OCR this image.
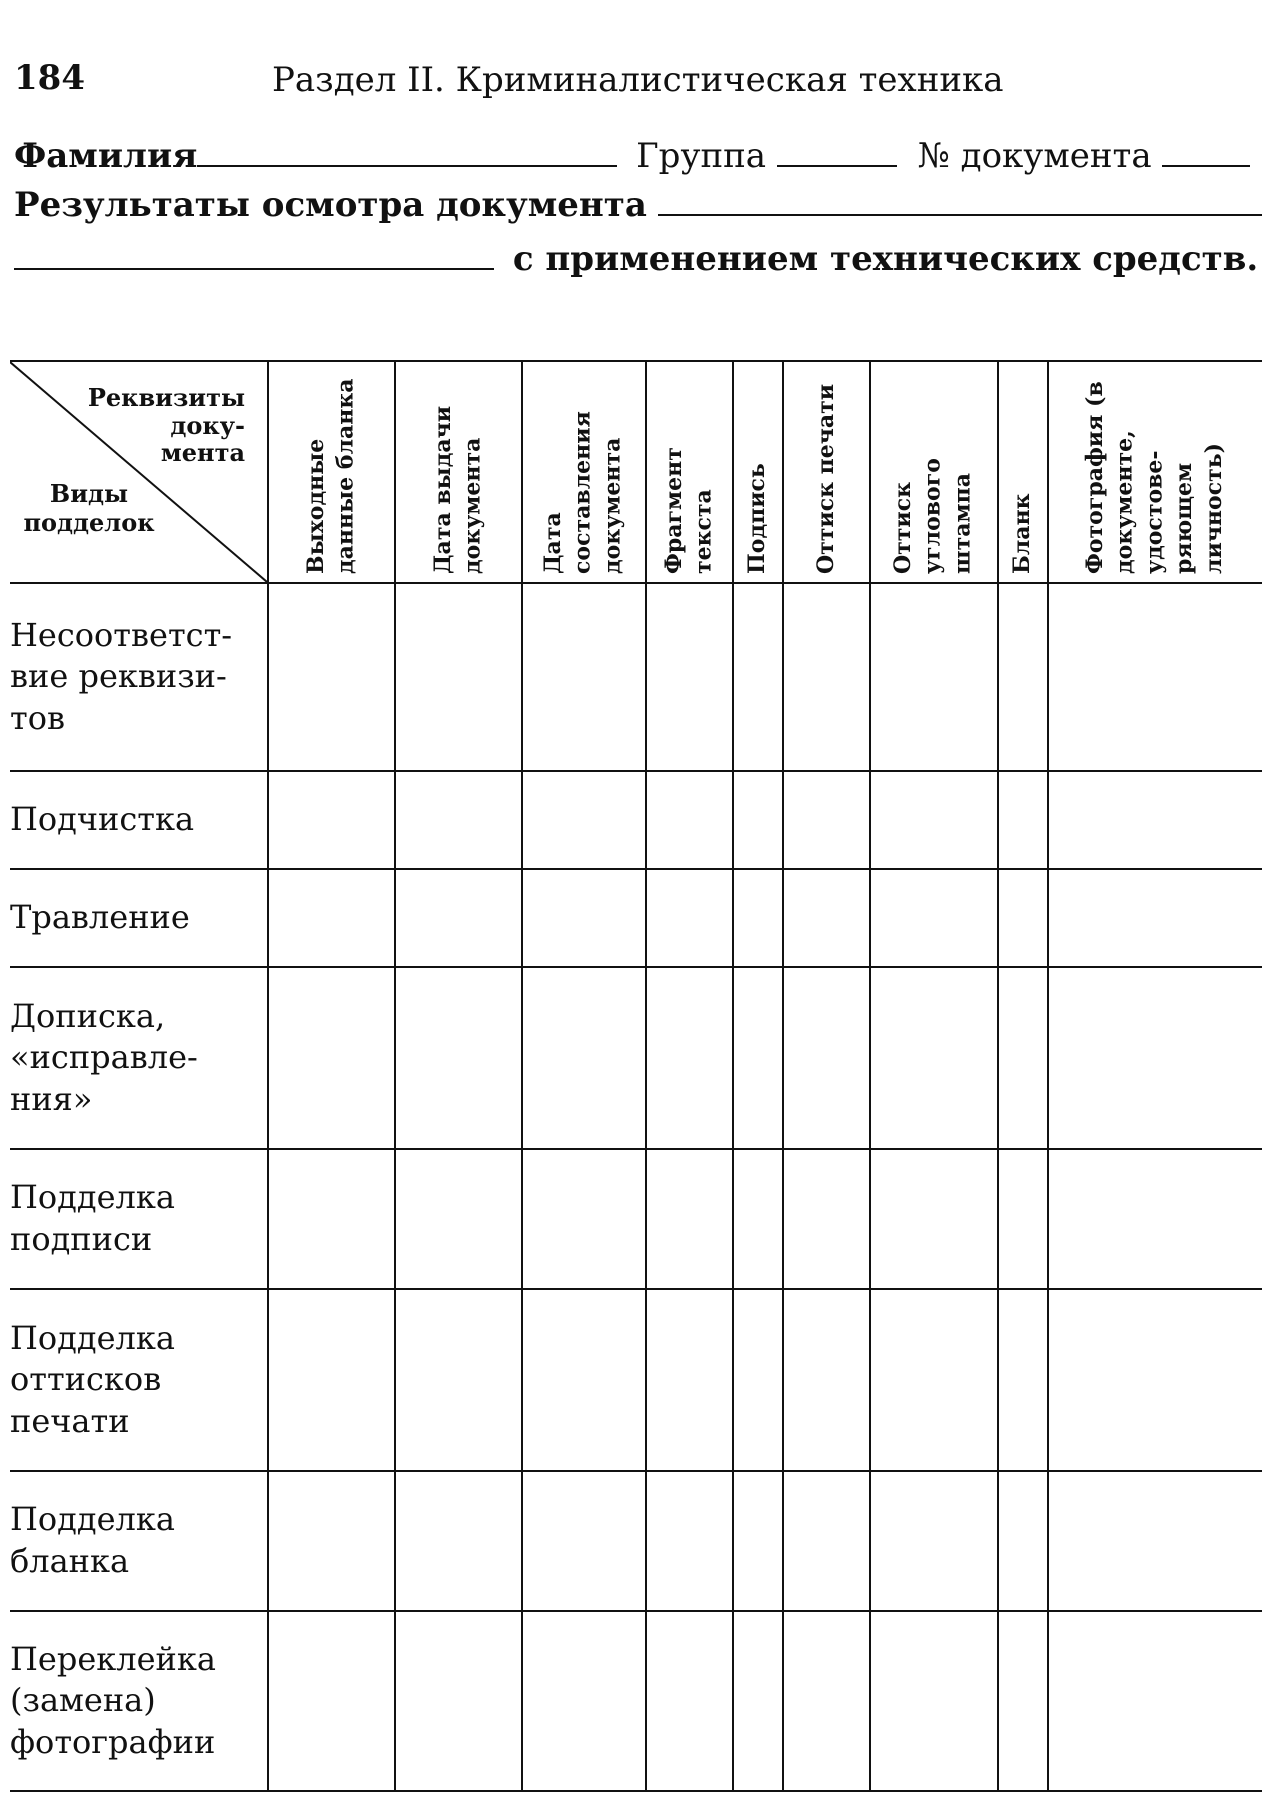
184	Раздел II. Криминалистическая техника
Фамилия	Группа	№ документа
Результаты осмотра документа
с применением технических средств.
Реквизиты доку- мента
Виды подделок	Выходные данные бланка	Дата выдачи документа	Дата составления документа	Фрагмент текста	Подпись	Оттиск печати	Оттиск углового штампа	Бланк	Фотография (в документе, удостове- ряющем личность)

Несоответст- вие реквизи- тов									
Подчистка									
Травление									
Дописка, «исправле- ния»									
Подделка подписи									
Подделка оттисков печати									
Подделка бланка									
Переклейка (замена) фотографии									
